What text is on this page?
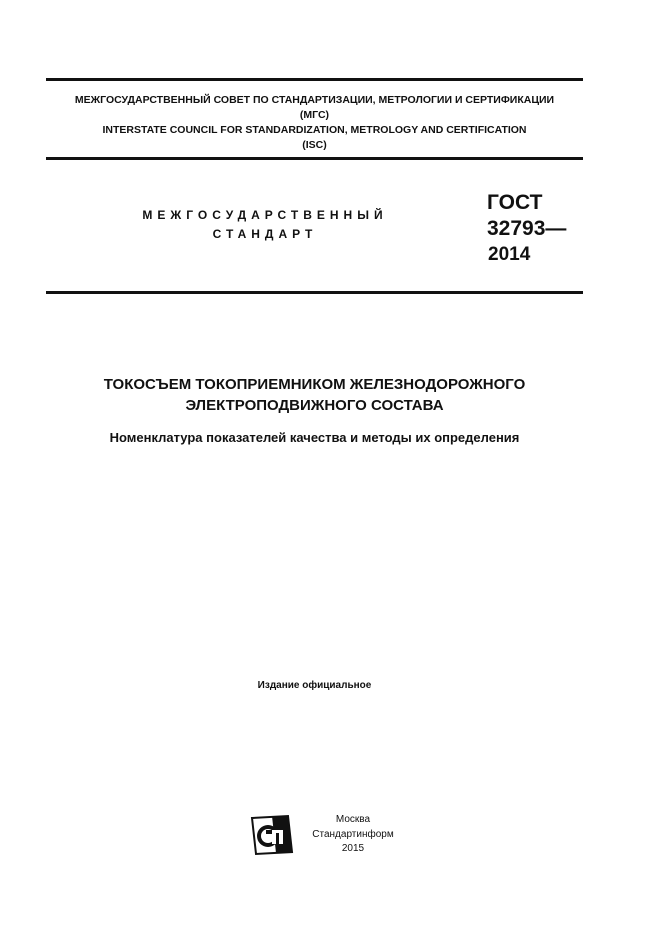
МЕЖГОСУДАРСТВЕННЫЙ СОВЕТ ПО СТАНДАРТИЗАЦИИ, МЕТРОЛОГИИ И СЕРТИФИКАЦИИ
(МГС)
INTERSTATE COUNCIL FOR STANDARDIZATION, METROLOGY AND CERTIFICATION
(ISC)
МЕЖГОСУДАРСТВЕННЫЙ
СТАНДАРТ
ГОСТ
32793—
2014
ТОКОСЪЕМ ТОКОПРИЕМНИКОМ ЖЕЛЕЗНОДОРОЖНОГО
ЭЛЕКТРОПОДВИЖНОГО СОСТАВА
Номенклатура показателей качества и методы их определения
Издание официальное
Москва
Стандартинформ
2015
